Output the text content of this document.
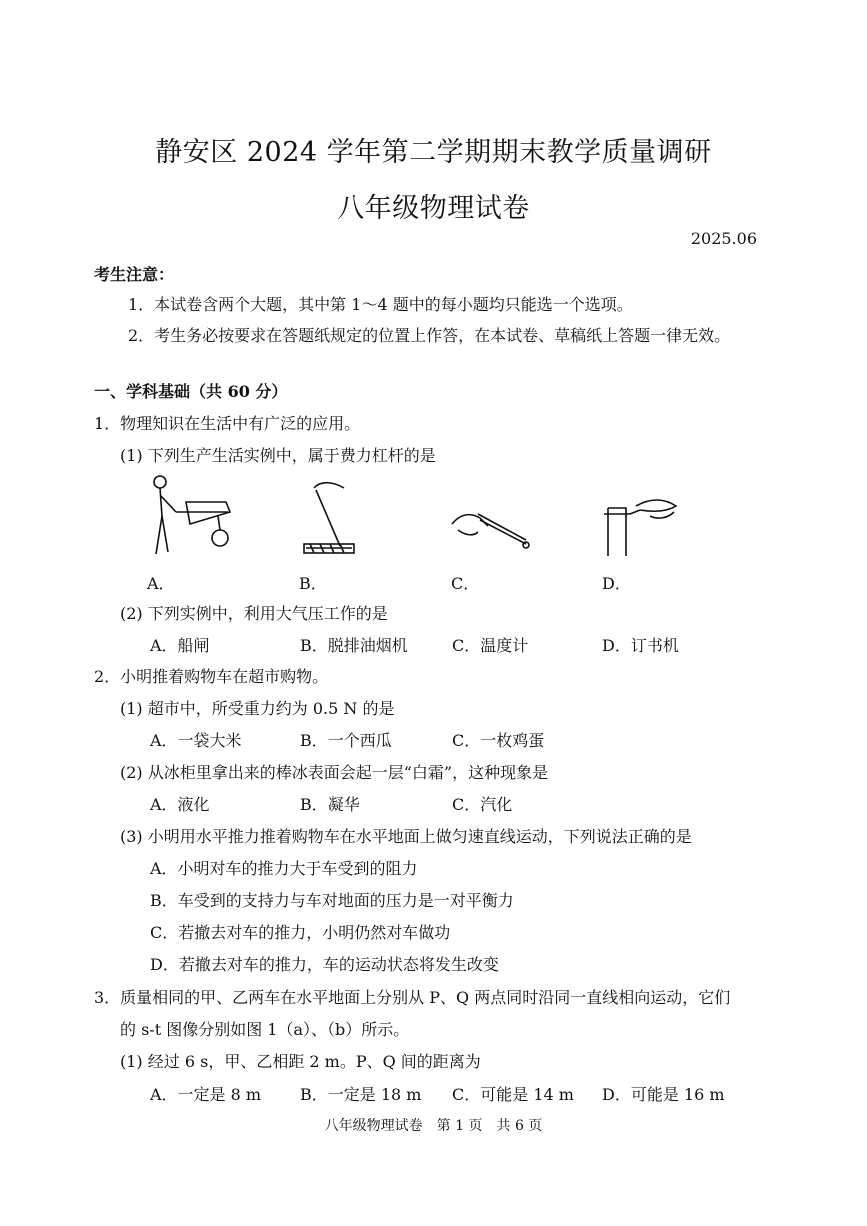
静安区 2024 学年第二学期期末教学质量调研
八年级物理试卷
2025.06
考生注意：
1．本试卷含两个大题，其中第 1～4 题中的每小题均只能选一个选项。
2．考生务必按要求在答题纸规定的位置上作答，在本试卷、草稿纸上答题一律无效。
一、学科基础（共 60 分）
1．物理知识在生活中有广泛的应用。
(1) 下列生产生活实例中，属于费力杠杆的是
A．	B．	C．	D．
(2) 下列实例中，利用大气压工作的是
A．船闸	B．脱排油烟机	C．温度计	D．订书机
2．小明推着购物车在超市购物。
(1) 超市中，所受重力约为 0.5 N 的是
A．一袋大米	B．一个西瓜	C．一枚鸡蛋
(2) 从冰柜里拿出来的棒冰表面会起一层“白霜”，这种现象是
A．液化	B．凝华	C．汽化
(3) 小明用水平推力推着购物车在水平地面上做匀速直线运动，下列说法正确的是
A．小明对车的推力大于车受到的阻力
B．车受到的支持力与车对地面的压力是一对平衡力
C．若撤去对车的推力，小明仍然对车做功
D．若撤去对车的推力，车的运动状态将发生改变
3．质量相同的甲、乙两车在水平地面上分别从 P、Q 两点同时沿同一直线相向运动，它们
的 s-t 图像分别如图 1（a）、（b）所示。
(1) 经过 6 s，甲、乙相距 2 m。P、Q 间的距离为
A．一定是 8 m B．一定是 18 m C．可能是 14 m D．可能是 16 m
八年级物理试卷　第 1 页　共 6 页
